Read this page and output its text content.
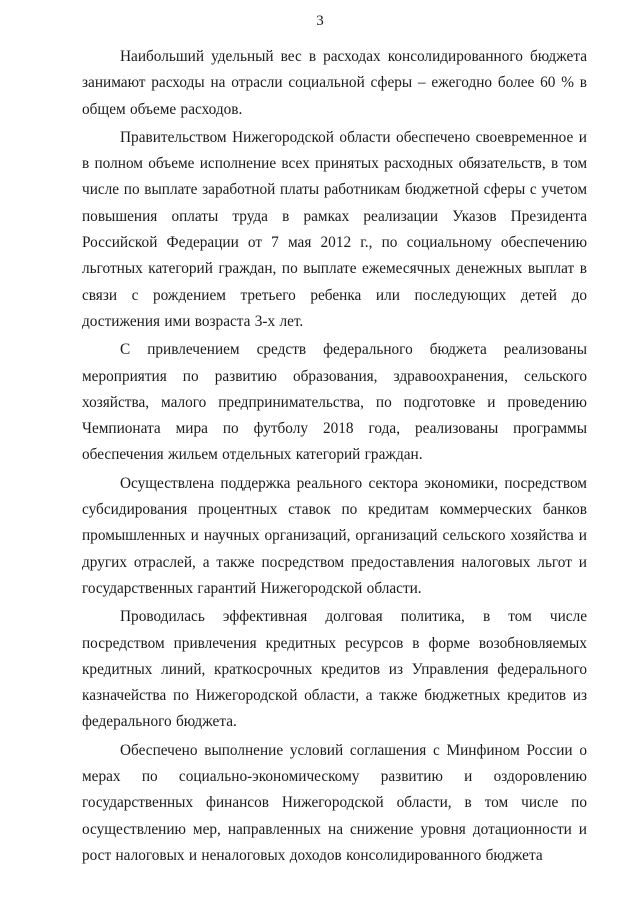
3

Наибольший удельный вес в расходах консолидированного бюджета занимают расходы на отрасли социальной сферы – ежегодно более 60 % в общем объеме расходов.

Правительством Нижегородской области обеспечено своевременное и в полном объеме исполнение всех принятых расходных обязательств, в том числе по выплате заработной платы работникам бюджетной сферы с учетом повышения оплаты труда в рамках реализации Указов Президента Российской Федерации от 7 мая 2012 г., по социальному обеспечению льготных категорий граждан, по выплате ежемесячных денежных выплат в связи с рождением третьего ребенка или последующих детей до достижения ими возраста 3-х лет.

С привлечением средств федерального бюджета реализованы мероприятия по развитию образования, здравоохранения, сельского хозяйства, малого предпринимательства, по подготовке и проведению Чемпионата мира по футболу 2018 года, реализованы программы обеспечения жильем отдельных категорий граждан.

Осуществлена поддержка реального сектора экономики, посредством субсидирования процентных ставок по кредитам коммерческих банков промышленных и научных организаций, организаций сельского хозяйства и других отраслей, а также посредством предоставления налоговых льгот и государственных гарантий Нижегородской области.

Проводилась эффективная долговая политика, в том числе посредством привлечения кредитных ресурсов в форме возобновляемых кредитных линий, краткосрочных кредитов из Управления федерального казначейства по Нижегородской области, а также бюджетных кредитов из федерального бюджета.

Обеспечено выполнение условий соглашения с Минфином России о мерах по социально-экономическому развитию и оздоровлению государственных финансов Нижегородской области, в том числе по осуществлению мер, направленных на снижение уровня дотационности и рост налоговых и неналоговых доходов консолидированного бюджета
